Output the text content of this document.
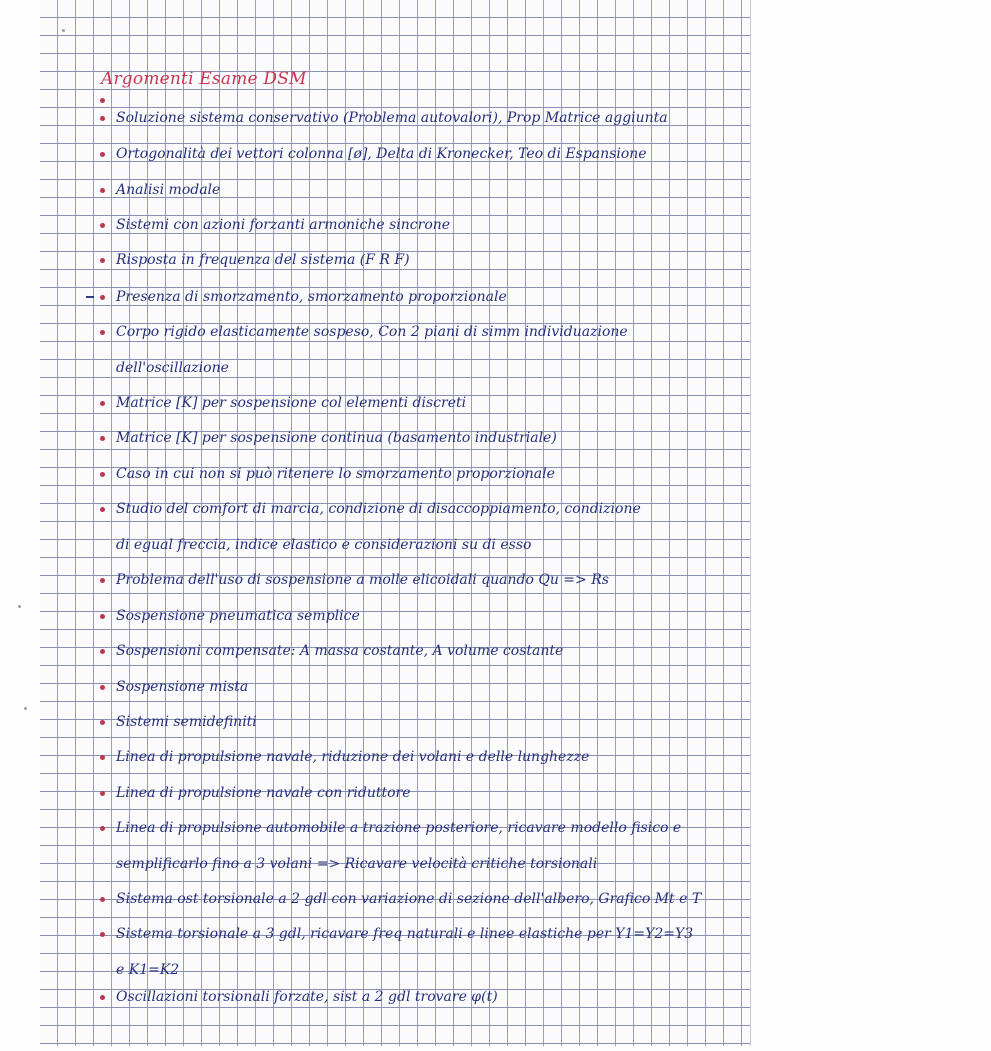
Argomenti Esame DSM
Soluzione sistema conservativo (Problema autovalori), Prop Matrice aggiunta
Ortogonalità dei vettori colonna [ø], Delta di Kronecker, Teo di Espansione
Analisi modale
Sistemi con azioni forzanti armoniche sincrone
Risposta in frequenza del sistema (F R F)
Presenza di smorzamento, smorzamento proporzionale
Corpo rigido elasticamente sospeso, Con 2 piani di simm individuazione
dell'oscillazione
Matrice [K] per sospensione col elementi discreti
Matrice [K] per sospensione continua (basamento industriale)
Caso in cui non si può ritenere lo smorzamento proporzionale
Studio del comfort di marcia, condizione di disaccoppiamento, condizione
di egual freccia, indice elastico e considerazioni su di esso
Problema dell'uso di sospensione a molle elicoidali quando Qu => Rs
Sospensione pneumatica semplice
Sospensioni compensate: A massa costante, A volume costante
Sospensione mista
Sistemi semidefiniti
Linea di propulsione navale, riduzione dei volani e delle lunghezze
Linea di propulsione navale con riduttore
Linea di propulsione automobile a trazione posteriore, ricavare modello fisico e
semplificarlo fino a 3 volani => Ricavare velocità critiche torsionali
Sistema ost torsionale a 2 gdl con variazione di sezione dell'albero, Grafico Mt e T
Sistema torsionale a 3 gdl, ricavare freq naturali e linee elastiche per Y1=Y2=Y3
e K1=K2
Oscillazioni torsionali forzate, sist a 2 gdl trovare φ(t)
